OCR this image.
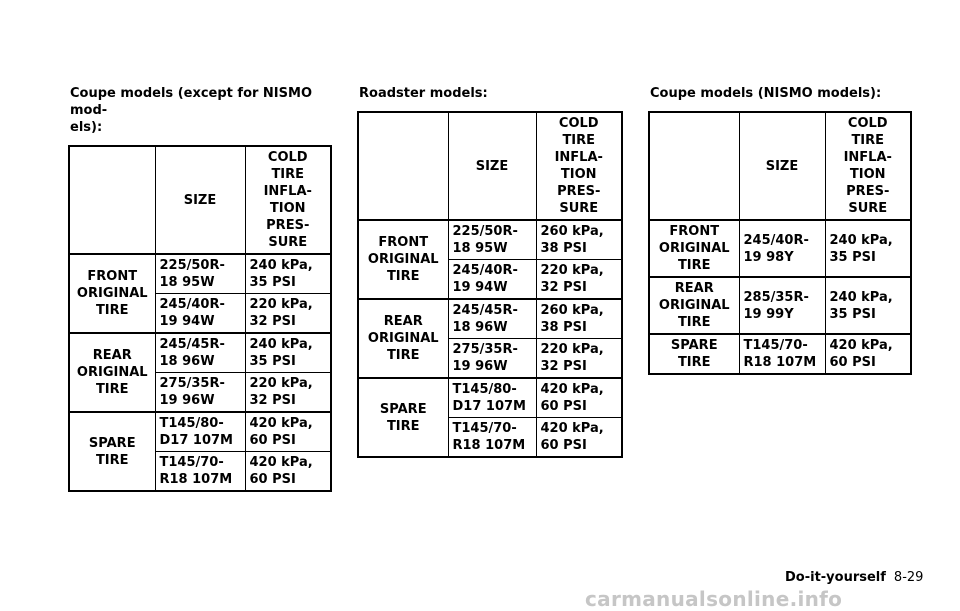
Coupe models (except for NISMO mod-
els):
	SIZE	COLD TIRE
INFLA-
TION
PRES-
SURE
FRONT
ORIGINAL
TIRE	225/50R-
18 95W	240 kPa,
35 PSI
	245/40R-
19 94W	220 kPa,
32 PSI
REAR
ORIGINAL
TIRE	245/45R-
18 96W	240 kPa,
35 PSI
	275/35R-
19 96W	220 kPa,
32 PSI
SPARE
TIRE	T145/80-
D17 107M	420 kPa,
60 PSI
	T145/70-
R18 107M	420 kPa,
60 PSI
Roadster models:
	SIZE	COLD TIRE
INFLA-
TION
PRES-
SURE
FRONT
ORIGINAL
TIRE	225/50R-
18 95W	260 kPa,
38 PSI
	245/40R-
19 94W	220 kPa,
32 PSI
REAR
ORIGINAL
TIRE	245/45R-
18 96W	260 kPa,
38 PSI
	275/35R-
19 96W	220 kPa,
32 PSI
SPARE
TIRE	T145/80-
D17 107M	420 kPa,
60 PSI
	T145/70-
R18 107M	420 kPa,
60 PSI
Coupe models (NISMO models):
	SIZE	COLD TIRE
INFLA-
TION
PRES-
SURE
FRONT
ORIGINAL
TIRE	245/40R-
19 98Y	240 kPa,
35 PSI
REAR
ORIGINAL
TIRE	285/35R-
19 99Y	240 kPa,
35 PSI
SPARE
TIRE	T145/70-
R18 107M	420 kPa,
60 PSI
Do-it-yourself 8-29
carmanualsonline.info
